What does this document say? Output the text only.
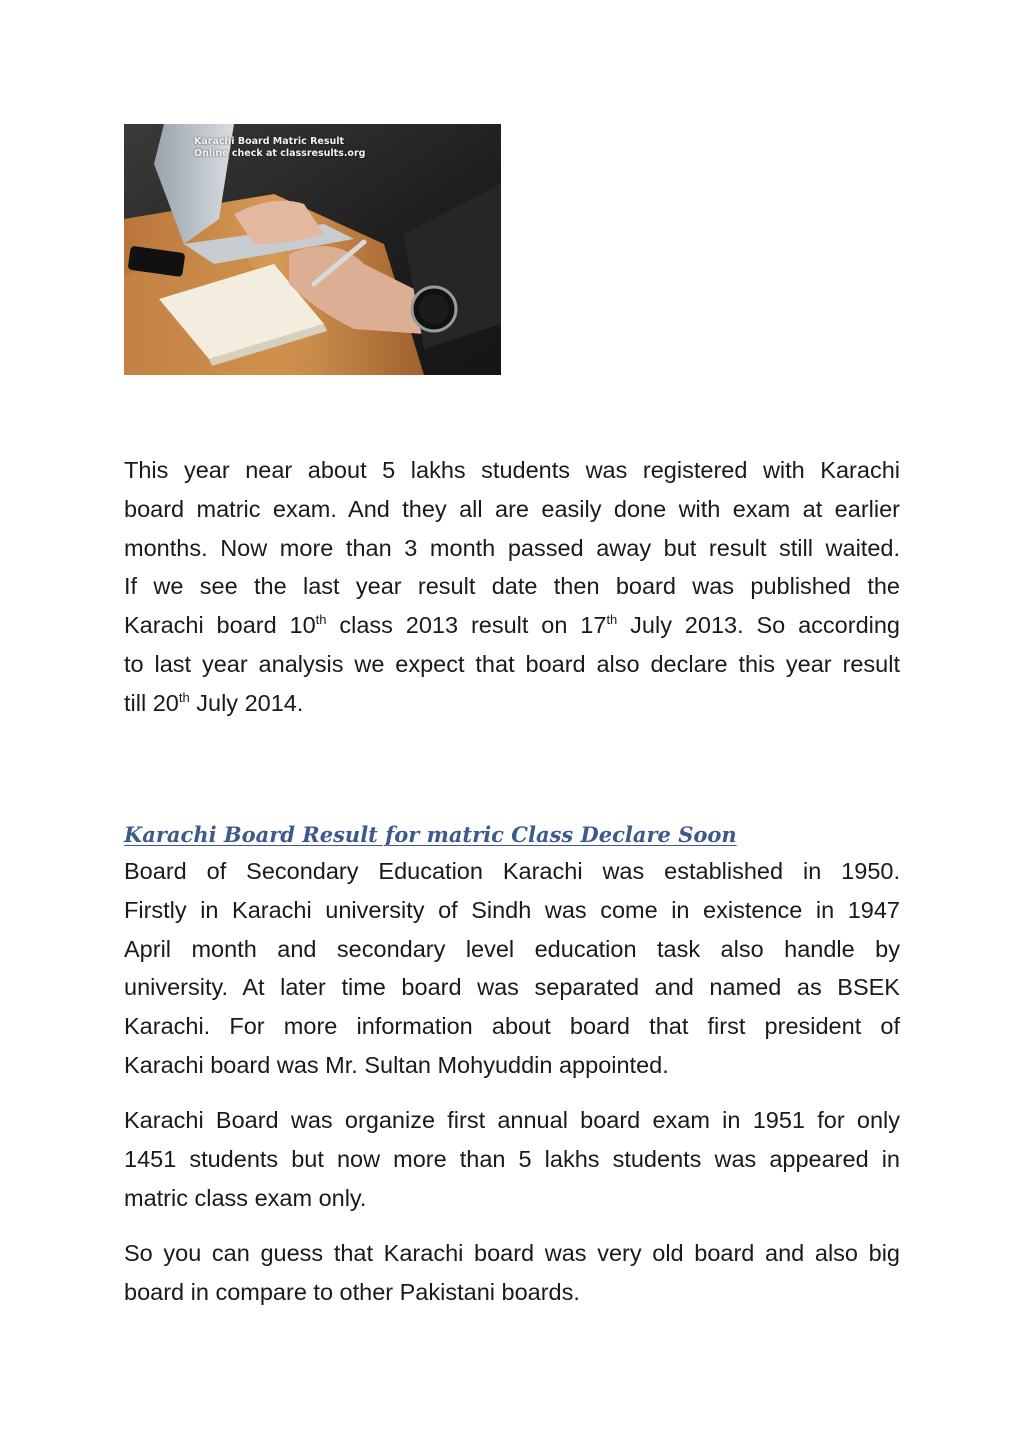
Karachi Board Matric Result
Online check at classresults.org
This year near about 5 lakhs students was registered with Karachi
board matric exam. And they all are easily done with exam at earlier
months. Now more than 3 month passed away but result still waited.
If we see the last year result date then board was published the
Karachi board 10th class 2013 result on 17th July 2013. So according
to last year analysis we expect that board also declare this year result
till 20th July 2014.
Karachi Board Result for matric Class Declare Soon
Board of Secondary Education Karachi was established in 1950.
Firstly in Karachi university of Sindh was come in existence in 1947
April month and secondary level education task also handle by
university. At later time board was separated and named as BSEK
Karachi. For more information about board that first president of
Karachi board was Mr. Sultan Mohyuddin appointed.
Karachi Board was organize first annual board exam in 1951 for only
1451 students but now more than 5 lakhs students was appeared in
matric class exam only.
So you can guess that Karachi board was very old board and also big
board in compare to other Pakistani boards.
